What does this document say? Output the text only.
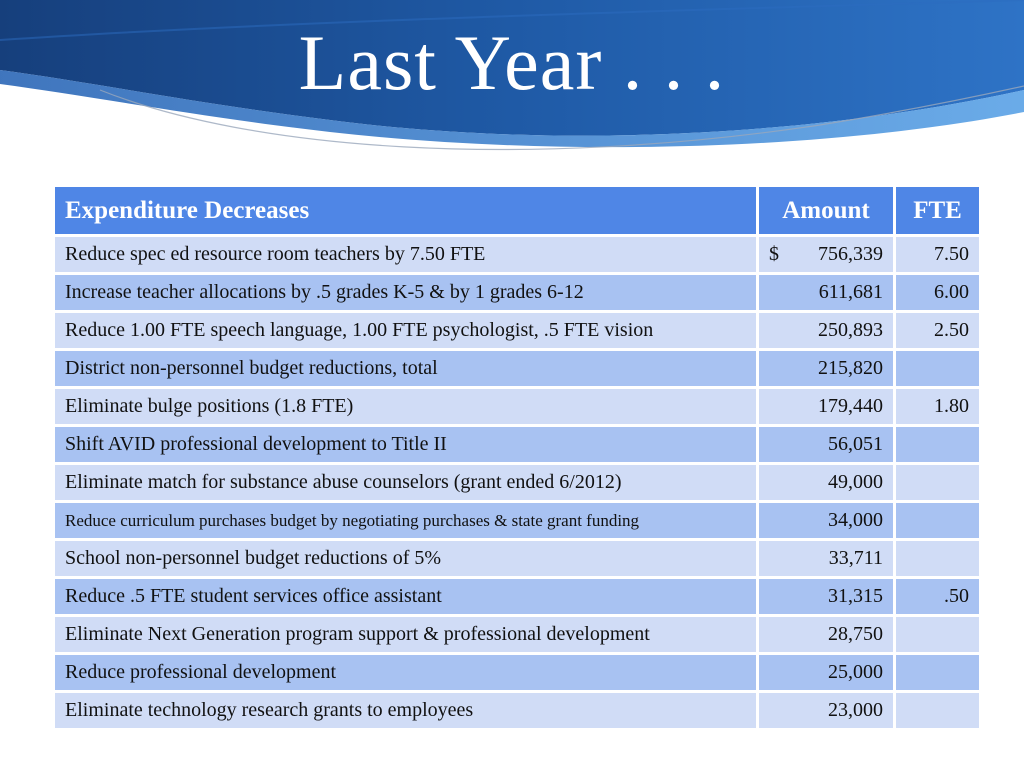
Last Year . . .
Expenditure Decreases	Amount	FTE
Reduce spec ed resource room teachers by 7.50 FTE	$ 756,339	7.50
Increase teacher allocations by .5 grades K-5 & by 1 grades 6-12	611,681	6.00
Reduce 1.00 FTE speech language, 1.00 FTE psychologist, .5 FTE vision	250,893	2.50
District non-personnel budget reductions, total	215,820	
Eliminate bulge positions (1.8 FTE)	179,440	1.80
Shift AVID professional development to Title II	56,051	
Eliminate match for substance abuse counselors (grant ended 6/2012)	49,000	
Reduce curriculum purchases budget by negotiating purchases & state grant funding	34,000	
School non-personnel budget reductions of 5%	33,711	
Reduce .5 FTE student services office assistant	31,315	.50
Eliminate Next Generation program support & professional development	28,750	
Reduce professional development	25,000	
Eliminate technology research grants to employees	23,000	
